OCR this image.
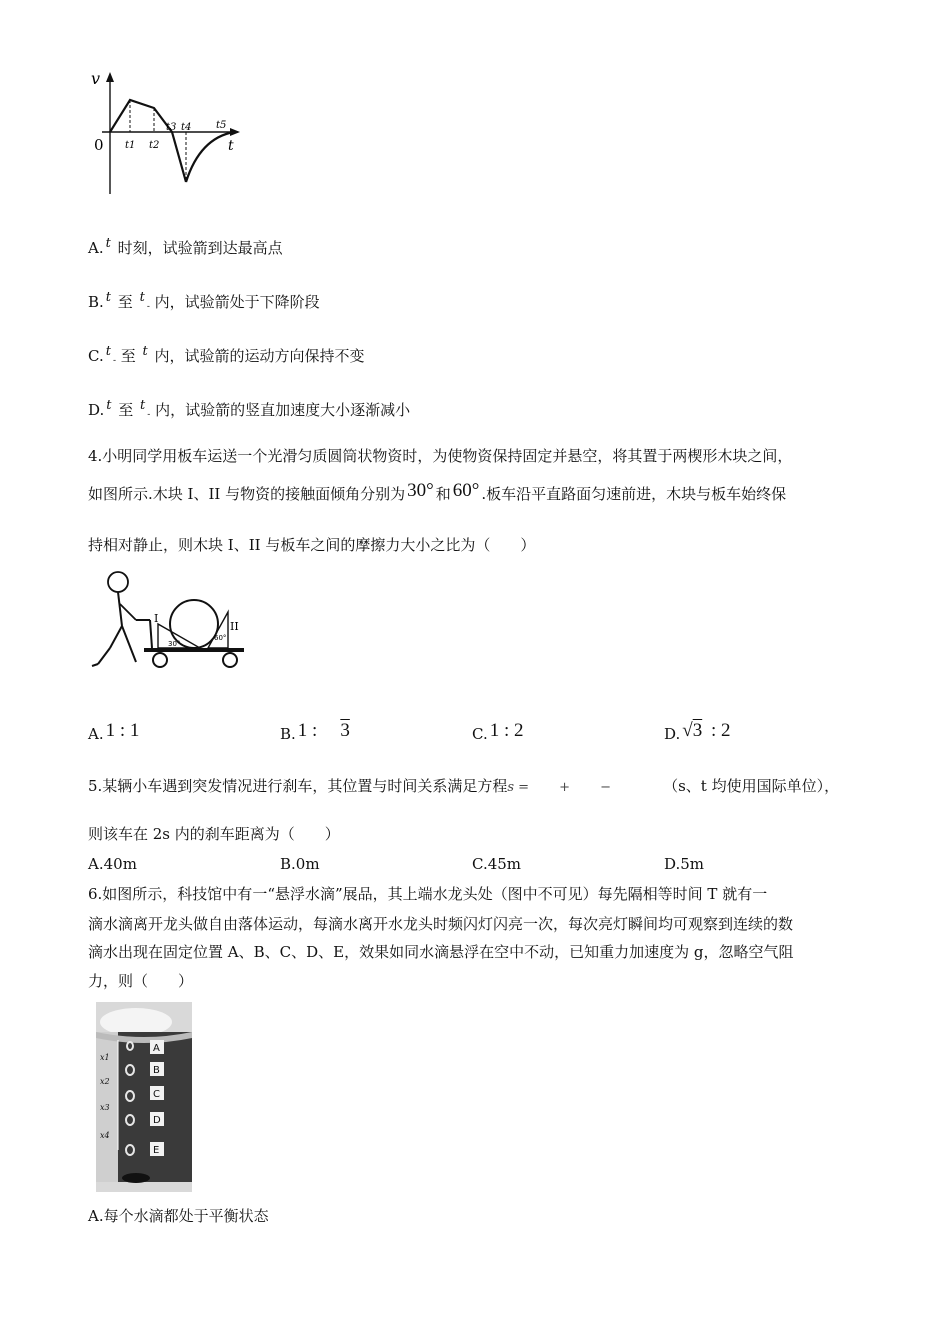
v
t
0 t1 t2
t3 t4 t5
A. t 时刻，试验箭到达最高点
B. t 至 t- 内，试验箭处于下降阶段
C. t- 至 t 内，试验箭的运动方向保持不变
D. t 至 t- 内，试验箭的竖直加速度大小逐渐减小
4.小明同学用板车运送一个光滑匀质圆筒状物资时，为使物资保持固定并悬空，将其置于两楔形木块之间，
如图所示.木块 I、II 与物资的接触面倾角分别为 30° 和 60° .板车沿平直路面匀速前进，木块与板车始终保
持相对静止，则木块 I、II 与板车之间的摩擦力大小之比为（　　）
I
II
30°
60°
A. 1 : 1	B. 1 :　3	C. 1 : 2	D. √3 : 2
5.某辆小车遇到突发情况进行刹车，其位置与时间关系满足方程s =　　 +　　 −	（s、t 均使用国际单位），
则该车在 2s 内的刹车距离为（　　）
A.40m	B.0m	C.45m	D.5m
6.如图所示，科技馆中有一“悬浮水滴”展品，其上端水龙头处（图中不可见）每先隔相等时间 T 就有一
滴水滴离开龙头做自由落体运动，每滴水离开水龙头时频闪灯闪亮一次，每次亮灯瞬间均可观察到连续的数
滴水出现在固定位置 A、B、C、D、E，效果如同水滴悬浮在空中不动，已知重力加速度为 g，忽略空气阻
力，则（　　）
A
B
C
D
E
x1
x2
x3
x4
A.每个水滴都处于平衡状态
